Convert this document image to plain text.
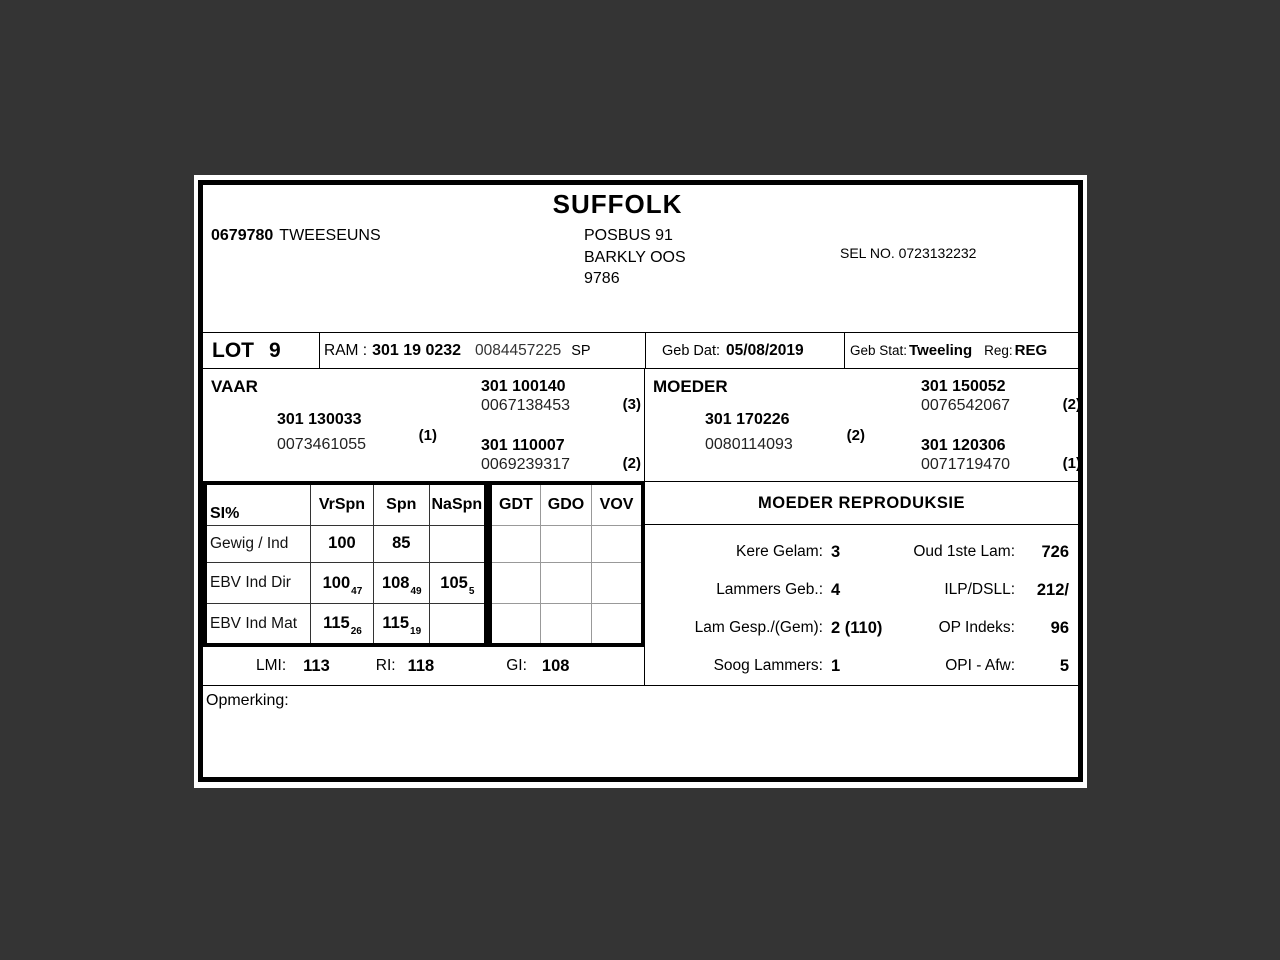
SUFFOLK
0679780 TWEESEUNS	POSBUS 91
BARKLY OOS
9786
SEL NO. 0723132232
LOT 9	RAM : 301 19 0232 0084457225 SP	Geb Dat: 05/08/2019	Geb Stat: Tweeling Reg: REG
VAAR
301 130033
0073461055
(1)
301 100140
0067138453	(3)
301 110007
0069239317	(2)
MOEDER
301 170226
0080114093
(2)
301 150052
0076542067	(2)
301 120306
0071719470	(1)
SI%	VrSpn	Spn	NaSpn
Gewig / Ind	100	85	
EBV Ind Dir	$100_{47}$	$108_{49}$	$105_5$
EBV Ind Mat	$115_{26}$	$115_{19}$	
GDT	GDO	VOV

LMI: 113	RI: 118	GI: 108
MOEDER REPRODUKSIE
Kere Gelam: 3	Oud 1ste Lam:	726
Lammers Geb.: 4	ILP/DSLL:	212/
Lam Gesp./(Gem): 2 (110)	OP Indeks:	96
Soog Lammers: 1	OPI - Afw:	5
Opmerking:
